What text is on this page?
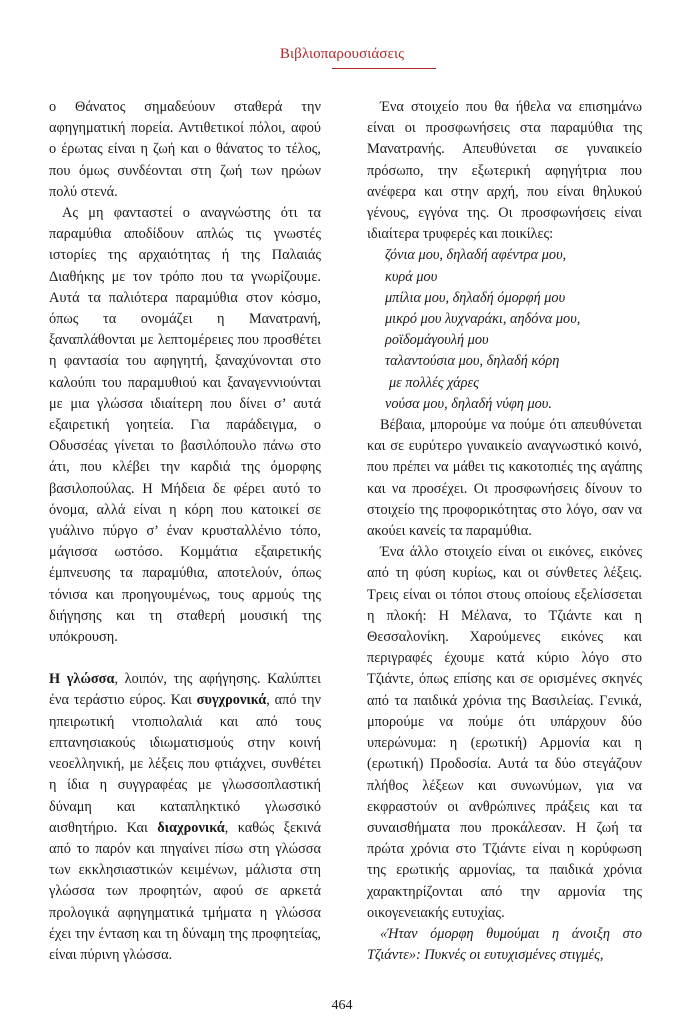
Βιβλιοπαρουσιάσεις

ο Θάνατος σημαδεύουν σταθερά την αφηγηματική πορεία. Αντιθετικοί πόλοι, αφού ο έρωτας είναι η ζωή και ο θάνατος το τέλος, που όμως συνδέονται στη ζωή των ηρώων πολύ στενά.

Ας μη φανταστεί ο αναγνώστης ότι τα παραμύθια αποδίδουν απλώς τις γνωστές ιστορίες της αρχαιότητας ή της Παλαιάς Διαθήκης με τον τρόπο που τα γνωρίζουμε. Αυτά τα παλιότερα παραμύθια στον κόσμο, όπως τα ονομάζει η Μανατρανή, ξαναπλάθονται με λεπτομέρειες που προσθέτει η φαντασία του αφηγητή, ξαναχύνονται στο καλούπι του παραμυθιού και ξαναγεννιούνται με μια γλώσσα ιδιαίτερη που δίνει σ’ αυτά εξαιρετική γοητεία. Για παράδειγμα, ο Οδυσσέας γίνεται το βασιλόπουλο πάνω στο άτι, που κλέβει την καρδιά της όμορφης βασιλοπούλας. Η Μήδεια δε φέρει αυτό το όνομα, αλλά είναι η κόρη που κατοικεί σε γυάλινο πύργο σ’ έναν κρυσταλλένιο τόπο, μάγισσα ωστόσο. Κομμάτια εξαιρετικής έμπνευσης τα παραμύθια, αποτελούν, όπως τόνισα και προηγουμένως, τους αρμούς της διήγησης και τη σταθερή μουσική της υπόκρουση.

Η γλώσσα, λοιπόν, της αφήγησης. Καλύπτει ένα τεράστιο εύρος. Και συγχρονικά, από την ηπειρωτική ντοπιολαλιά και από τους επτανησιακούς ιδιωματισμούς στην κοινή νεοελληνική, με λέξεις που φτιάχνει, συνθέτει η ίδια η συγγραφέας με γλωσσοπλαστική δύναμη και καταπληκτικό γλωσσικό αισθητήριο. Και διαχρονικά, καθώς ξεκινά από το παρόν και πηγαίνει πίσω στη γλώσσα των εκκλησιαστικών κειμένων, μάλιστα στη γλώσσα των προφητών, αφού σε αρκετά προλογικά αφηγηματικά τμήματα η γλώσσα έχει την ένταση και τη δύναμη της προφητείας, είναι πύρινη γλώσσα.

Ένα στοιχείο που θα ήθελα να επισημάνω είναι οι προσφωνήσεις στα παραμύθια της Μανατρανής. Απευθύνεται σε γυναικείο πρόσωπο, την εξωτερική αφηγήτρια που ανέφερα και στην αρχή, που είναι θηλυκού γένους, εγγόνα της. Οι προσφωνήσεις είναι ιδιαίτερα τρυφερές και ποικίλες:

ζόνια μου, δηλαδή αφέντρα μου,
κυρά μου
μπίλια μου, δηλαδή όμορφή μου
μικρό μου λυχναράκι, αηδόνα μου,
ροϊδομάγουλή μου
ταλαντούσια μου, δηλαδή κόρη
με πολλές χάρες
νούσα μου, δηλαδή νύφη μου.

Βέβαια, μπορούμε να πούμε ότι απευθύνεται και σε ευρύτερο γυναικείο αναγνωστικό κοινό, που πρέπει να μάθει τις κακοτοπιές της αγάπης και να προσέχει. Οι προσφωνήσεις δίνουν το στοιχείο της προφορικότητας στο λόγο, σαν να ακούει κανείς τα παραμύθια.

Ένα άλλο στοιχείο είναι οι εικόνες, εικόνες από τη φύση κυρίως, και οι σύνθετες λέξεις. Τρεις είναι οι τόποι στους οποίους εξελίσσεται η πλοκή: Η Μέλανα, το Τζιάντε και η Θεσσαλονίκη. Χαρούμενες εικόνες και περιγραφές έχουμε κατά κύριο λόγο στο Τζιάντε, όπως επίσης και σε ορισμένες σκηνές από τα παιδικά χρόνια της Βασιλείας. Γενικά, μπορούμε να πούμε ότι υπάρχουν δύο υπερώνυμα: η (ερωτική) Αρμονία και η (ερωτική) Προδοσία. Αυτά τα δύο στεγάζουν πλήθος λέξεων και συνωνύμων, για να εκφραστούν οι ανθρώπινες πράξεις και τα συναισθήματα που προκάλεσαν. Η ζωή τα πρώτα χρόνια στο Τζιάντε είναι η κορύφωση της ερωτικής αρμονίας, τα παιδικά χρόνια χαρακτηρίζονται από την αρμονία της οικογενειακής ευτυχίας.

«Ήταν όμορφη θυμούμαι η άνοιξη στο Τζιάντε»: Πυκνές οι ευτυχισμένες στιγμές,

464
